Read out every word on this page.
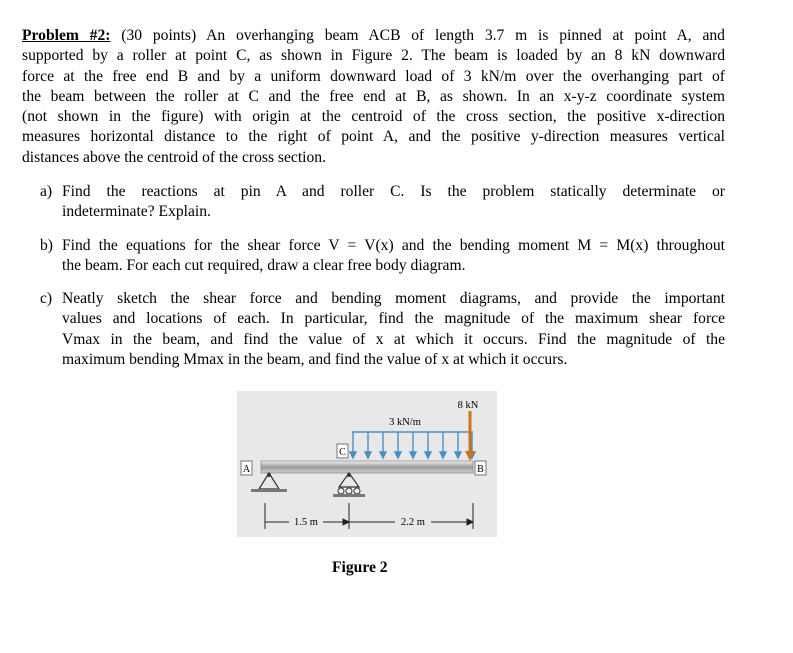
Problem #2: (30 points) An overhanging beam ACB of length 3.7 m is pinned at point A, and
supported by a roller at point C, as shown in Figure 2. The beam is loaded by an 8 kN downward
force at the free end B and by a uniform downward load of 3 kN/m over the overhanging part of
the beam between the roller at C and the free end at B, as shown. In an x-y-z coordinate system
(not shown in the figure) with origin at the centroid of the cross section, the positive x-direction
measures horizontal distance to the right of point A, and the positive y-direction measures vertical
distances above the centroid of the cross section.
a) Find the reactions at pin A and roller C. Is the problem statically determinate or
indeterminate? Explain.
b) Find the equations for the shear force V = V(x) and the bending moment M = M(x) throughout
the beam. For each cut required, draw a clear free body diagram.
c) Neatly sketch the shear force and bending moment diagrams, and provide the important
values and locations of each. In particular, find the magnitude of the maximum shear force
Vmax in the beam, and find the value of x at which it occurs. Find the magnitude of the
maximum bending Mmax in the beam, and find the value of x at which it occurs.
A	B
C
3 kN/m
8 kN
1.5 m	2.2 m
Figure 2
